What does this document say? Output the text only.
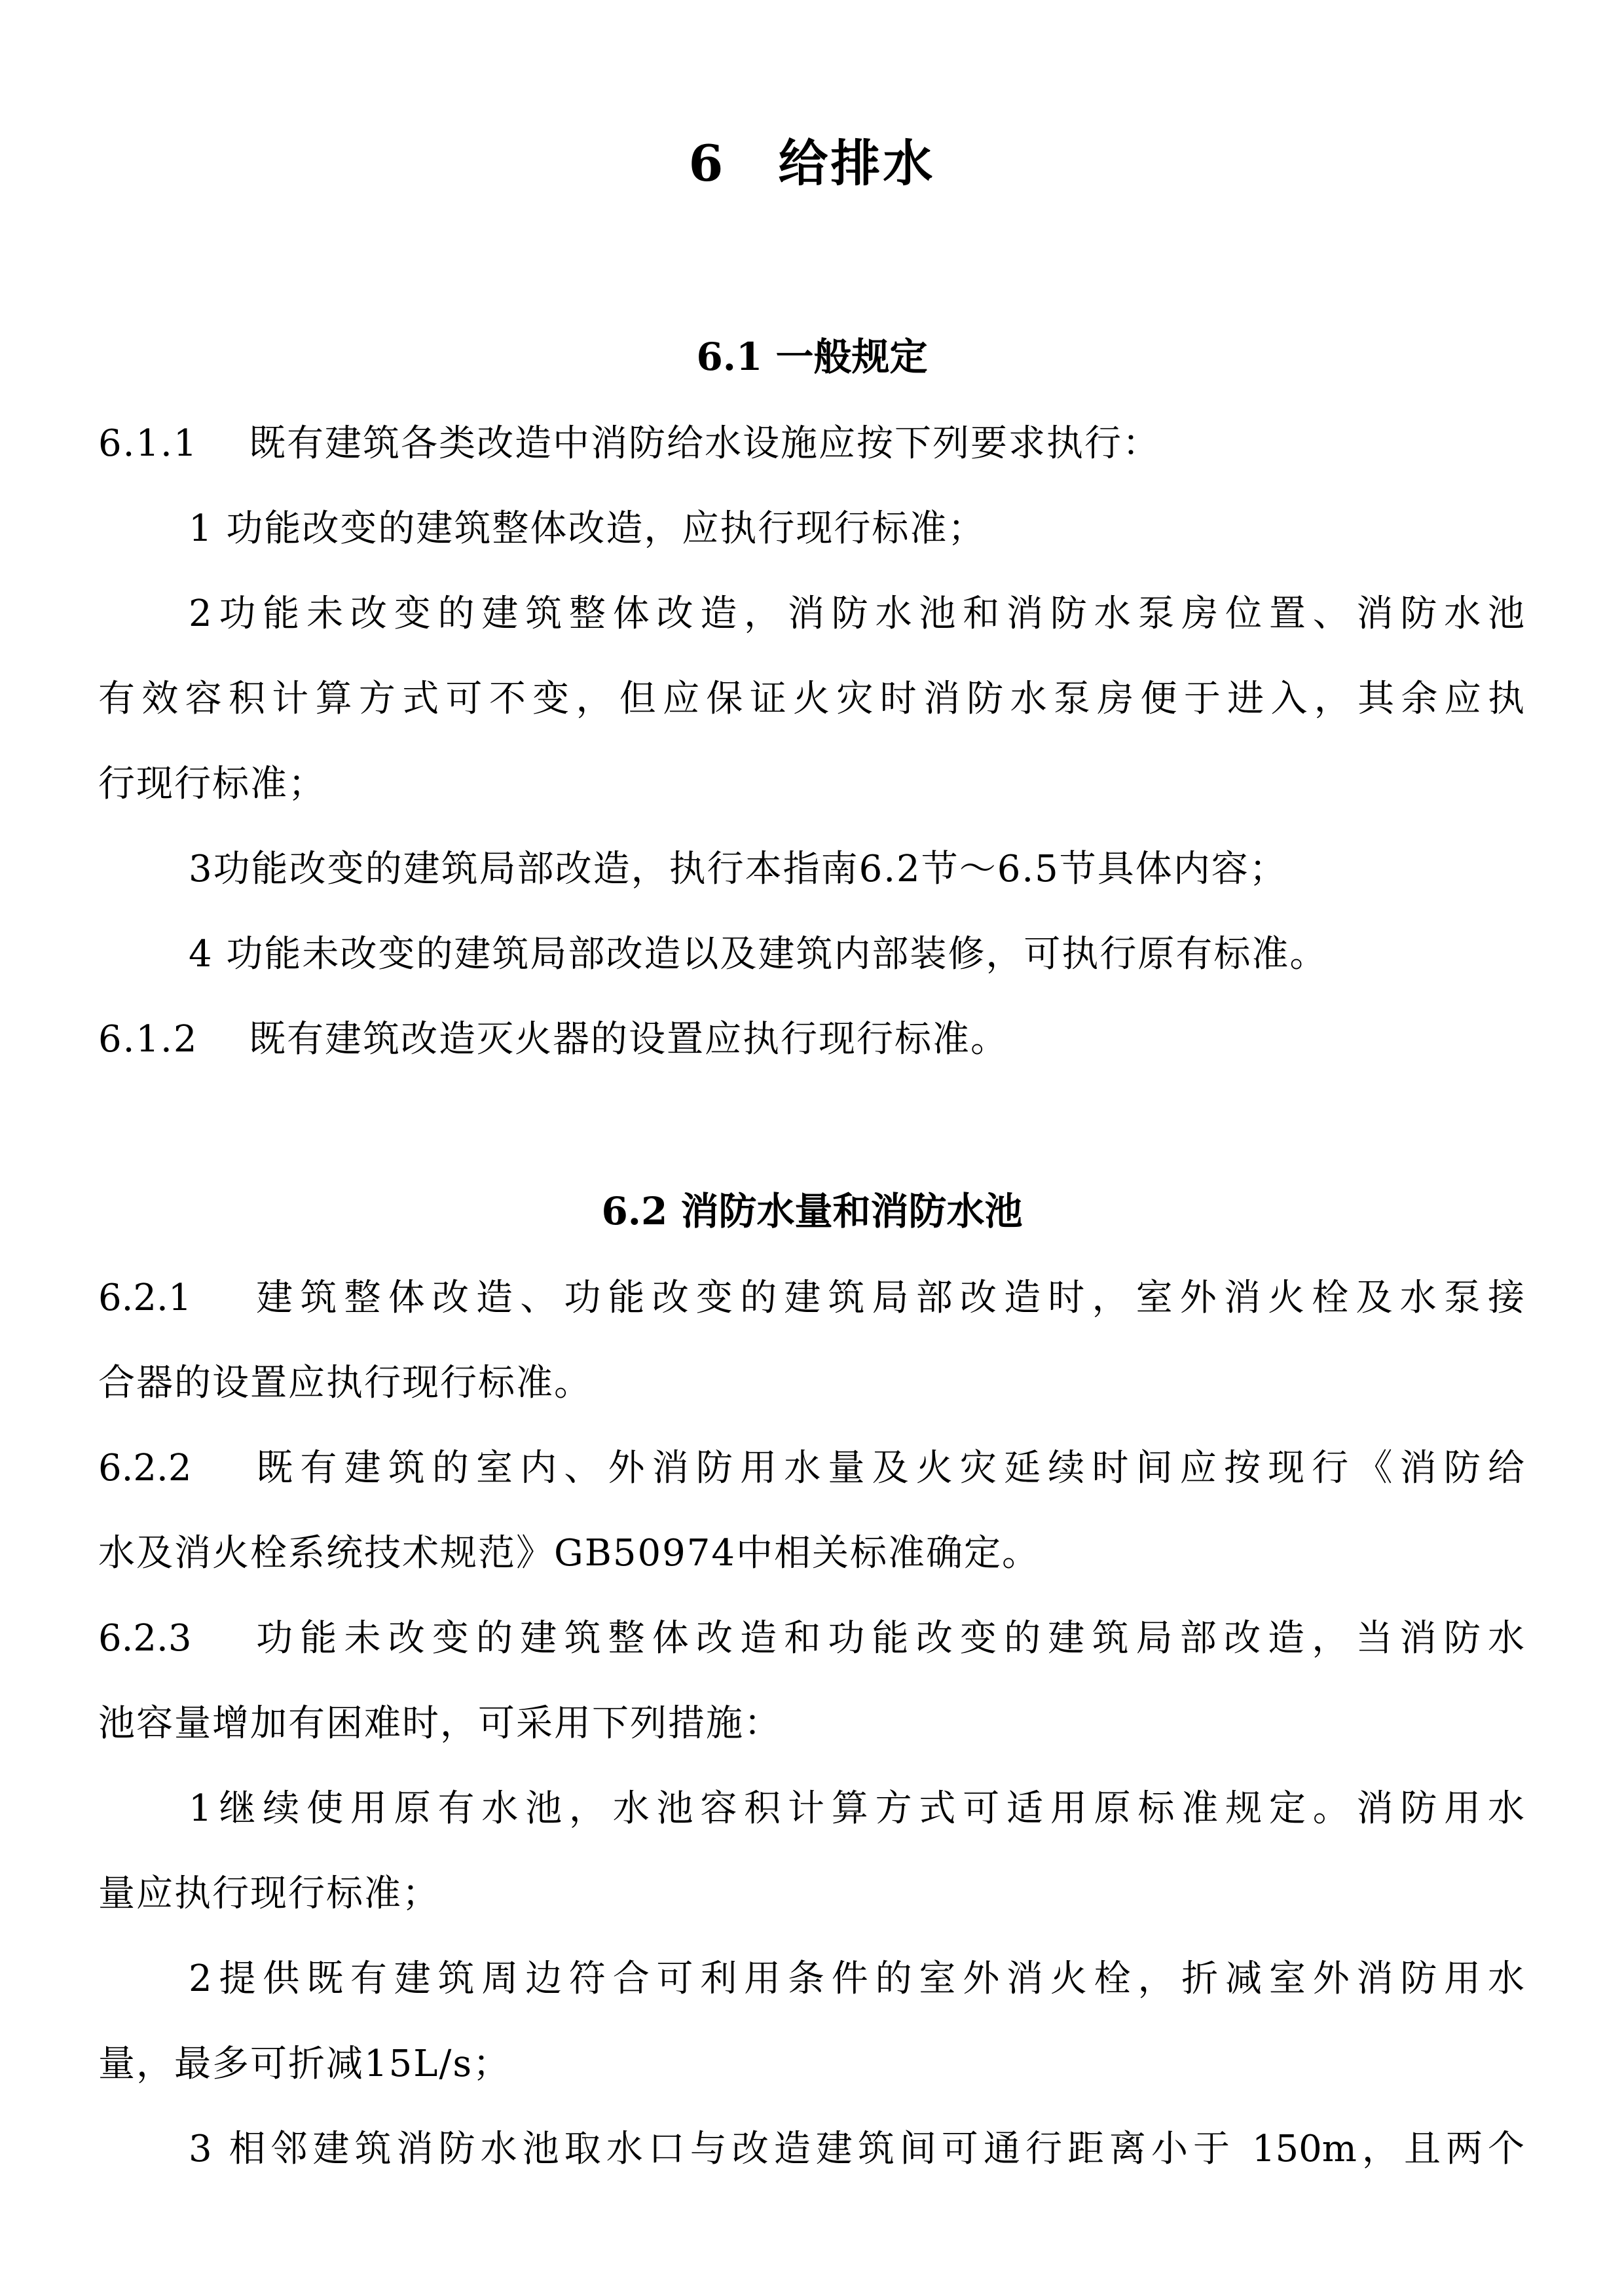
6　给排水
6.1 一般规定
6.1.1 既有建筑各类改造中消防给水设施应按下列要求执行：
1 功能改变的建筑整体改造，应执行现行标准；
2功能未改变的建筑整体改造，消防水池和消防水泵房位置、消防水池
有效容积计算方式可不变，但应保证火灾时消防水泵房便于进入，其余应执
行现行标准；
3功能改变的建筑局部改造，执行本指南6.2节～6.5节具体内容；
4 功能未改变的建筑局部改造以及建筑内部装修，可执行原有标准。
6.1.2 既有建筑改造灭火器的设置应执行现行标准。
6.2 消防水量和消防水池
6.2.1 建筑整体改造、功能改变的建筑局部改造时，室外消火栓及水泵接
合器的设置应执行现行标准。
6.2.2 既有建筑的室内、外消防用水量及火灾延续时间应按现行《消防给
水及消火栓系统技术规范》GB50974中相关标准确定。
6.2.3 功能未改变的建筑整体改造和功能改变的建筑局部改造，当消防水
池容量增加有困难时，可采用下列措施：
1继续使用原有水池，水池容积计算方式可适用原标准规定。消防用水
量应执行现行标准；
2提供既有建筑周边符合可利用条件的室外消火栓，折减室外消防用水
量，最多可折减15L/s；
3 相邻建筑消防水池取水口与改造建筑间可通行距离小于 150m，且两个
